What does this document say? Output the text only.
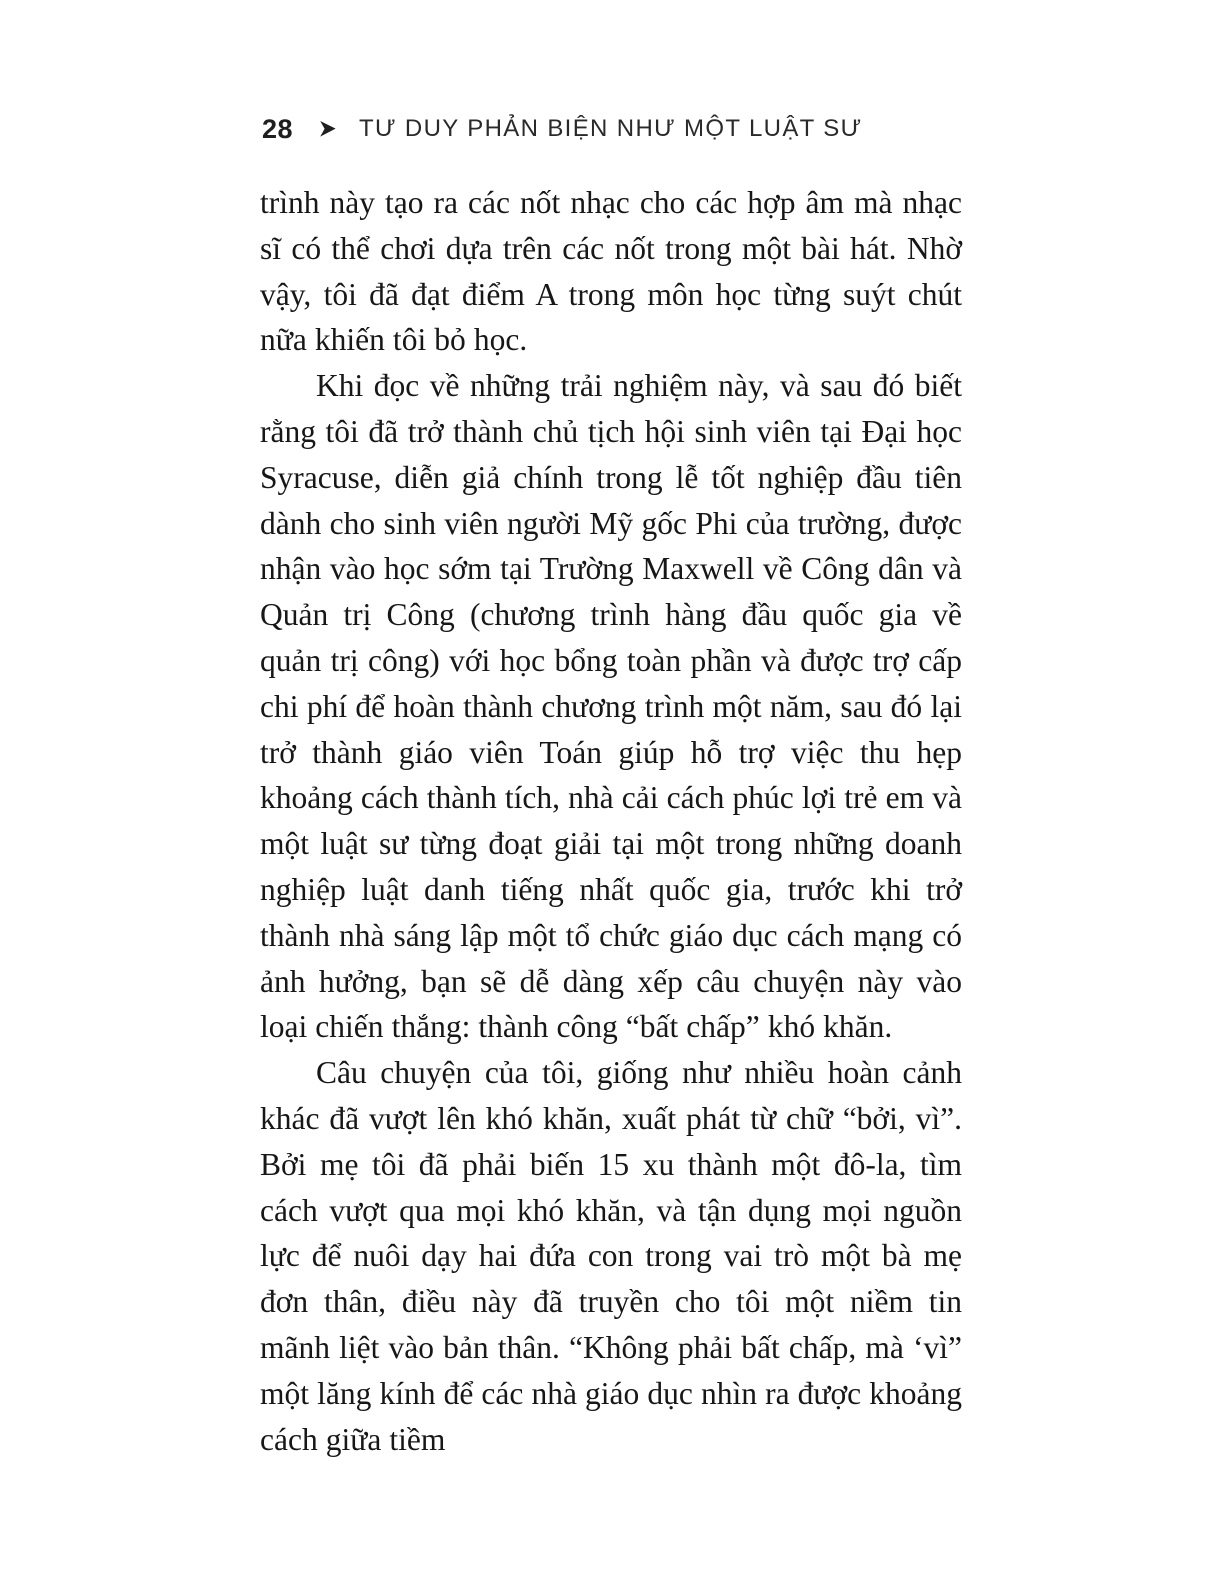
28	TƯ DUY PHẢN BIỆN NHƯ MỘT LUẬT SƯ

trình này tạo ra các nốt nhạc cho các hợp âm mà nhạc sĩ có thể chơi dựa trên các nốt trong một bài hát. Nhờ vậy, tôi đã đạt điểm A trong môn học từng suýt chút nữa khiến tôi bỏ học.

Khi đọc về những trải nghiệm này, và sau đó biết rằng tôi đã trở thành chủ tịch hội sinh viên tại Đại học Syracuse, diễn giả chính trong lễ tốt nghiệp đầu tiên dành cho sinh viên người Mỹ gốc Phi của trường, được nhận vào học sớm tại Trường Maxwell về Công dân và Quản trị Công (chương trình hàng đầu quốc gia về quản trị công) với học bổng toàn phần và được trợ cấp chi phí để hoàn thành chương trình một năm, sau đó lại trở thành giáo viên Toán giúp hỗ trợ việc thu hẹp khoảng cách thành tích, nhà cải cách phúc lợi trẻ em và một luật sư từng đoạt giải tại một trong những doanh nghiệp luật danh tiếng nhất quốc gia, trước khi trở thành nhà sáng lập một tổ chức giáo dục cách mạng có ảnh hưởng, bạn sẽ dễ dàng xếp câu chuyện này vào loại chiến thắng: thành công “bất chấp” khó khăn.

Câu chuyện của tôi, giống như nhiều hoàn cảnh khác đã vượt lên khó khăn, xuất phát từ chữ “bởi, vì”. Bởi mẹ tôi đã phải biến 15 xu thành một đô-la, tìm cách vượt qua mọi khó khăn, và tận dụng mọi nguồn lực để nuôi dạy hai đứa con trong vai trò một bà mẹ đơn thân, điều này đã truyền cho tôi một niềm tin mãnh liệt vào bản thân. “Không phải bất chấp, mà ‘vì” một lăng kính để các nhà giáo dục nhìn ra được khoảng cách giữa tiềm
